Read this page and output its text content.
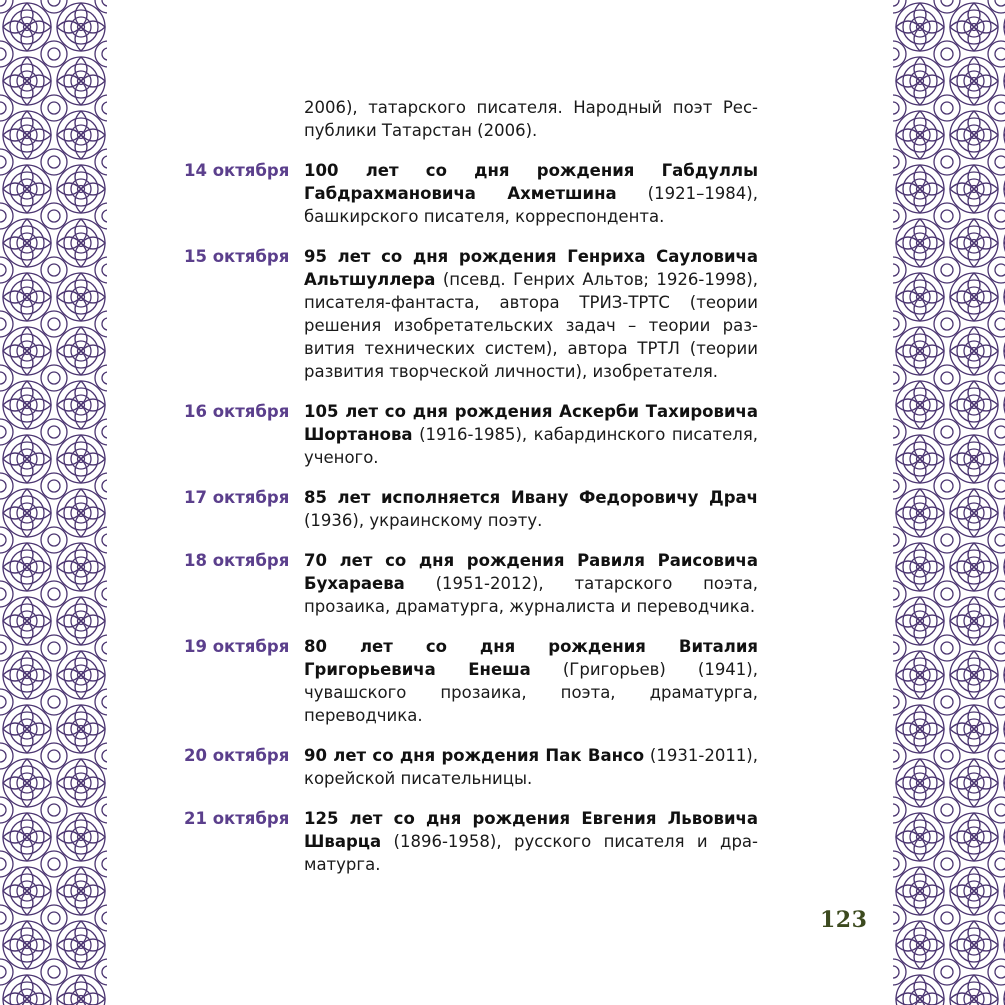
2006), татарского писателя. Народный поэт Республики Татарстан (2006).
14 октября 100 лет со дня рождения Габдуллы Габдрахмановича Ахметшина (1921–1984), башкирского писателя, корреспондента.
15 октября 95 лет со дня рождения Генриха Сауловича Альтшуллера (псевд. Генрих Альтов; 1926-1998), писателя-фантаста, автора ТРИЗ-ТРТС (теории решения изобретательских задач – теории развития технических систем), автора ТРТЛ (теории развития творческой личности), изобретателя.
16 октября 105 лет со дня рождения Аскерби Тахировича Шортанова (1916-1985), кабардинского писателя, ученого.
17 октября 85 лет исполняется Ивану Федоровичу Драч (1936), украинскому поэту.
18 октября 70 лет со дня рождения Равиля Раисовича Бухараева (1951-2012), татарского поэта, прозаика, драматурга, журналиста и переводчика.
19 октября 80 лет со дня рождения Виталия Григорьевича Енеша (Григорьев) (1941), чувашского прозаика, поэта, драматурга, переводчика.
20 октября 90 лет со дня рождения Пак Вансо (1931-2011), корейской писательницы.
21 октября 125 лет со дня рождения Евгения Львовича Шварца (1896-1958), русского писателя и драматурга.
123
